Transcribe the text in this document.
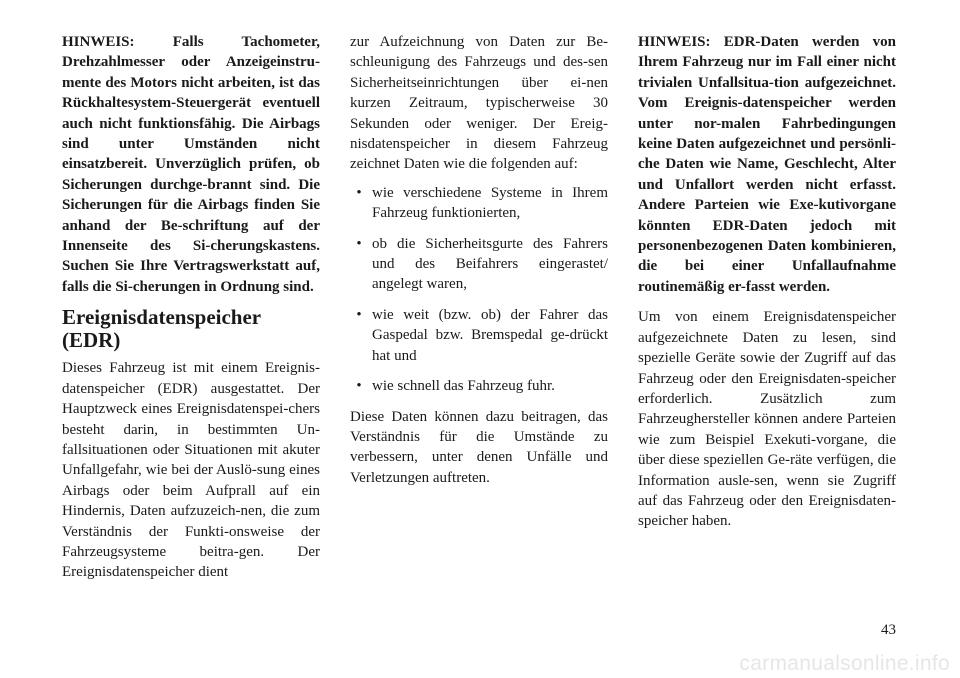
HINWEIS: Falls Tachometer, Drehzahlmesser oder Anzeigeinstru-mente des Motors nicht arbeiten, ist das Rückhaltesystem-Steuergerät eventuell auch nicht funktionsfähig. Die Airbags sind unter Umständen nicht einsatzbereit. Unverzüglich prüfen, ob Sicherungen durchge-brannt sind. Die Sicherungen für die Airbags finden Sie anhand der Be-schriftung auf der Innenseite des Si-cherungskastens. Suchen Sie Ihre Vertragswerkstatt auf, falls die Si-cherungen in Ordnung sind.

Ereignisdatenspeicher (EDR)

Dieses Fahrzeug ist mit einem Ereignis-datenspeicher (EDR) ausgestattet. Der Hauptzweck eines Ereignisdatenspei-chers besteht darin, in bestimmten Un-fallsituationen oder Situationen mit akuter Unfallgefahr, wie bei der Auslö-sung eines Airbags oder beim Aufprall auf ein Hindernis, Daten aufzuzeich-nen, die zum Verständnis der Funkti-onsweise der Fahrzeugsysteme beitra-gen. Der Ereignisdatenspeicher dient

zur Aufzeichnung von Daten zur Be-schleunigung des Fahrzeugs und des-sen Sicherheitseinrichtungen über ei-nen kurzen Zeitraum, typischerweise 30 Sekunden oder weniger. Der Ereig-nisdatenspeicher in diesem Fahrzeug zeichnet Daten wie die folgenden auf:

• wie verschiedene Systeme in Ihrem Fahrzeug funktionierten,
• ob die Sicherheitsgurte des Fahrers und des Beifahrers eingerastet/ angelegt waren,
• wie weit (bzw. ob) der Fahrer das Gaspedal bzw. Bremspedal ge-drückt hat und
• wie schnell das Fahrzeug fuhr.

Diese Daten können dazu beitragen, das Verständnis für die Umstände zu verbessern, unter denen Unfälle und Verletzungen auftreten.

HINWEIS: EDR-Daten werden von Ihrem Fahrzeug nur im Fall einer nicht trivialen Unfallsitua-tion aufgezeichnet. Vom Ereignis-datenspeicher werden unter nor-malen Fahrbedingungen keine Daten aufgezeichnet und persönli-che Daten wie Name, Geschlecht, Alter und Unfallort werden nicht erfasst. Andere Parteien wie Exe-kutivorgane könnten EDR-Daten jedoch mit personenbezogenen Daten kombinieren, die bei einer Unfallaufnahme routinemäßig er-fasst werden.

Um von einem Ereignisdatenspeicher aufgezeichnete Daten zu lesen, sind spezielle Geräte sowie der Zugriff auf das Fahrzeug oder den Ereignisdaten-speicher erforderlich. Zusätzlich zum Fahrzeughersteller können andere Parteien wie zum Beispiel Exekuti-vorgane, die über diese speziellen Ge-räte verfügen, die Information ausle-sen, wenn sie Zugriff auf das Fahrzeug oder den Ereignisdaten-speicher haben.

43

carmanualsonline.info
